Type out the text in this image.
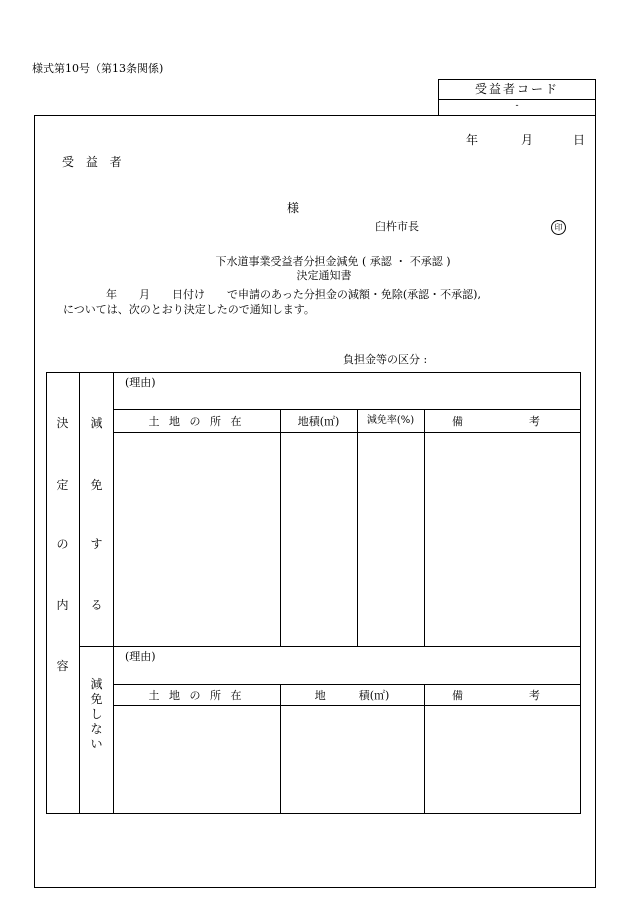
様式第10号（第13条関係)
受益者コード
-
年	月	日
受 益 者
様
臼杵市長	印
下水道事業受益者分担金減免 ( 承認 ・ 不承認 )
決定通知書
年　　月　　日付け　　で申請のあった分担金の減額・免除(承認・不承認),
については、次のとおり決定したので通知します。
負担金等の区分 :
決
定
の
内
容
減
免
す
る
減
免
し
な
い
(理由)
土 地 の 所 在	地積(㎡)	減免率(%)	備　　　　　　考
(理由)
土 地 の 所 在	地　　　積(㎡)	備　　　　　　考
